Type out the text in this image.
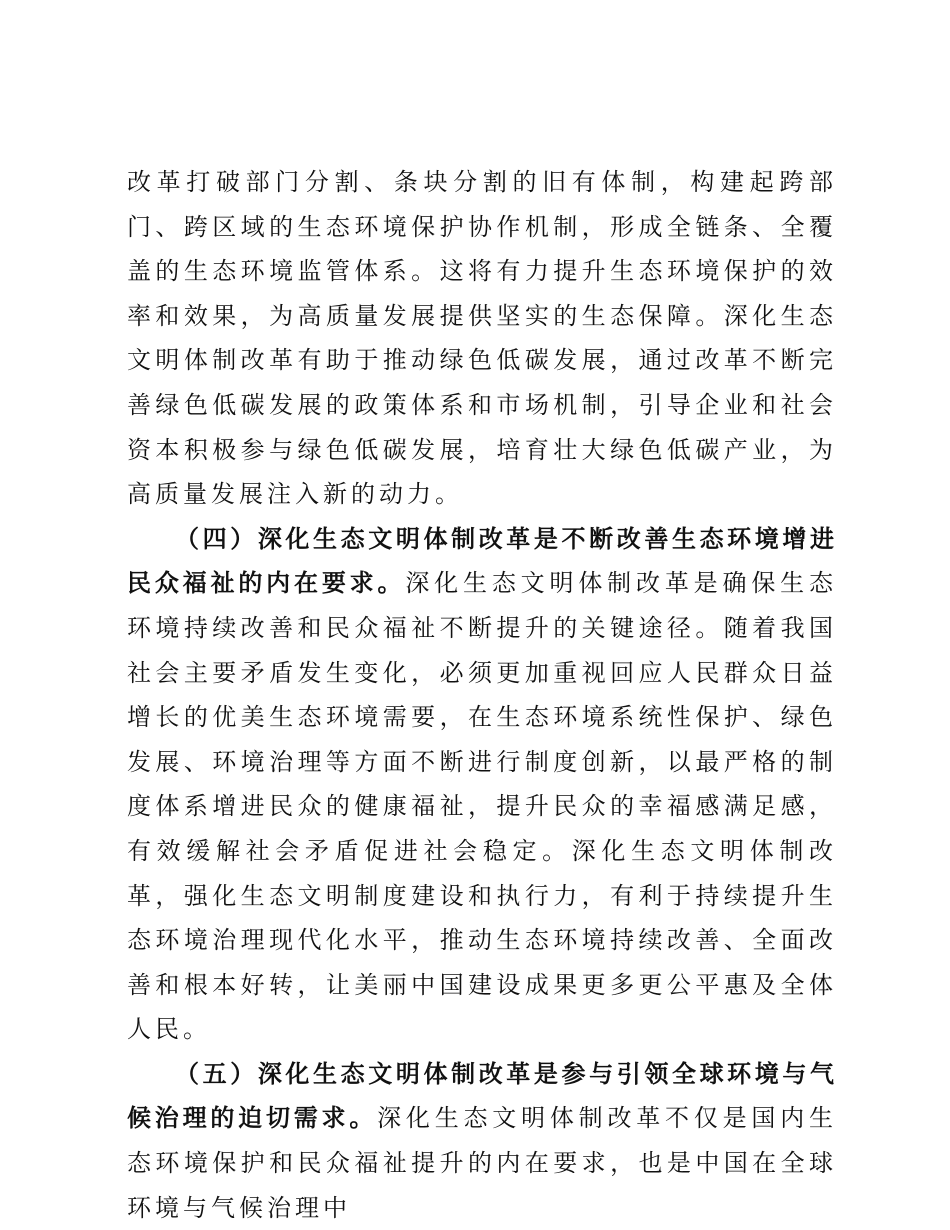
改革打破部门分割、条块分割的旧有体制，构建起跨部门、跨区域的生态环境保护协作机制，形成全链条、全覆盖的生态环境监管体系。这将有力提升生态环境保护的效率和效果，为高质量发展提供坚实的生态保障。深化生态文明体制改革有助于推动绿色低碳发展，通过改革不断完善绿色低碳发展的政策体系和市场机制，引导企业和社会资本积极参与绿色低碳发展，培育壮大绿色低碳产业，为高质量发展注入新的动力。

（四）深化生态文明体制改革是不断改善生态环境增进民众福祉的内在要求。深化生态文明体制改革是确保生态环境持续改善和民众福祉不断提升的关键途径。随着我国社会主要矛盾发生变化，必须更加重视回应人民群众日益增长的优美生态环境需要，在生态环境系统性保护、绿色发展、环境治理等方面不断进行制度创新，以最严格的制度体系增进民众的健康福祉，提升民众的幸福感满足感，有效缓解社会矛盾促进社会稳定。深化生态文明体制改革，强化生态文明制度建设和执行力，有利于持续提升生态环境治理现代化水平，推动生态环境持续改善、全面改善和根本好转，让美丽中国建设成果更多更公平惠及全体人民。

（五）深化生态文明体制改革是参与引领全球环境与气候治理的迫切需求。深化生态文明体制改革不仅是国内生态环境保护和民众福祉提升的内在要求，也是中国在全球环境与气候治理中
